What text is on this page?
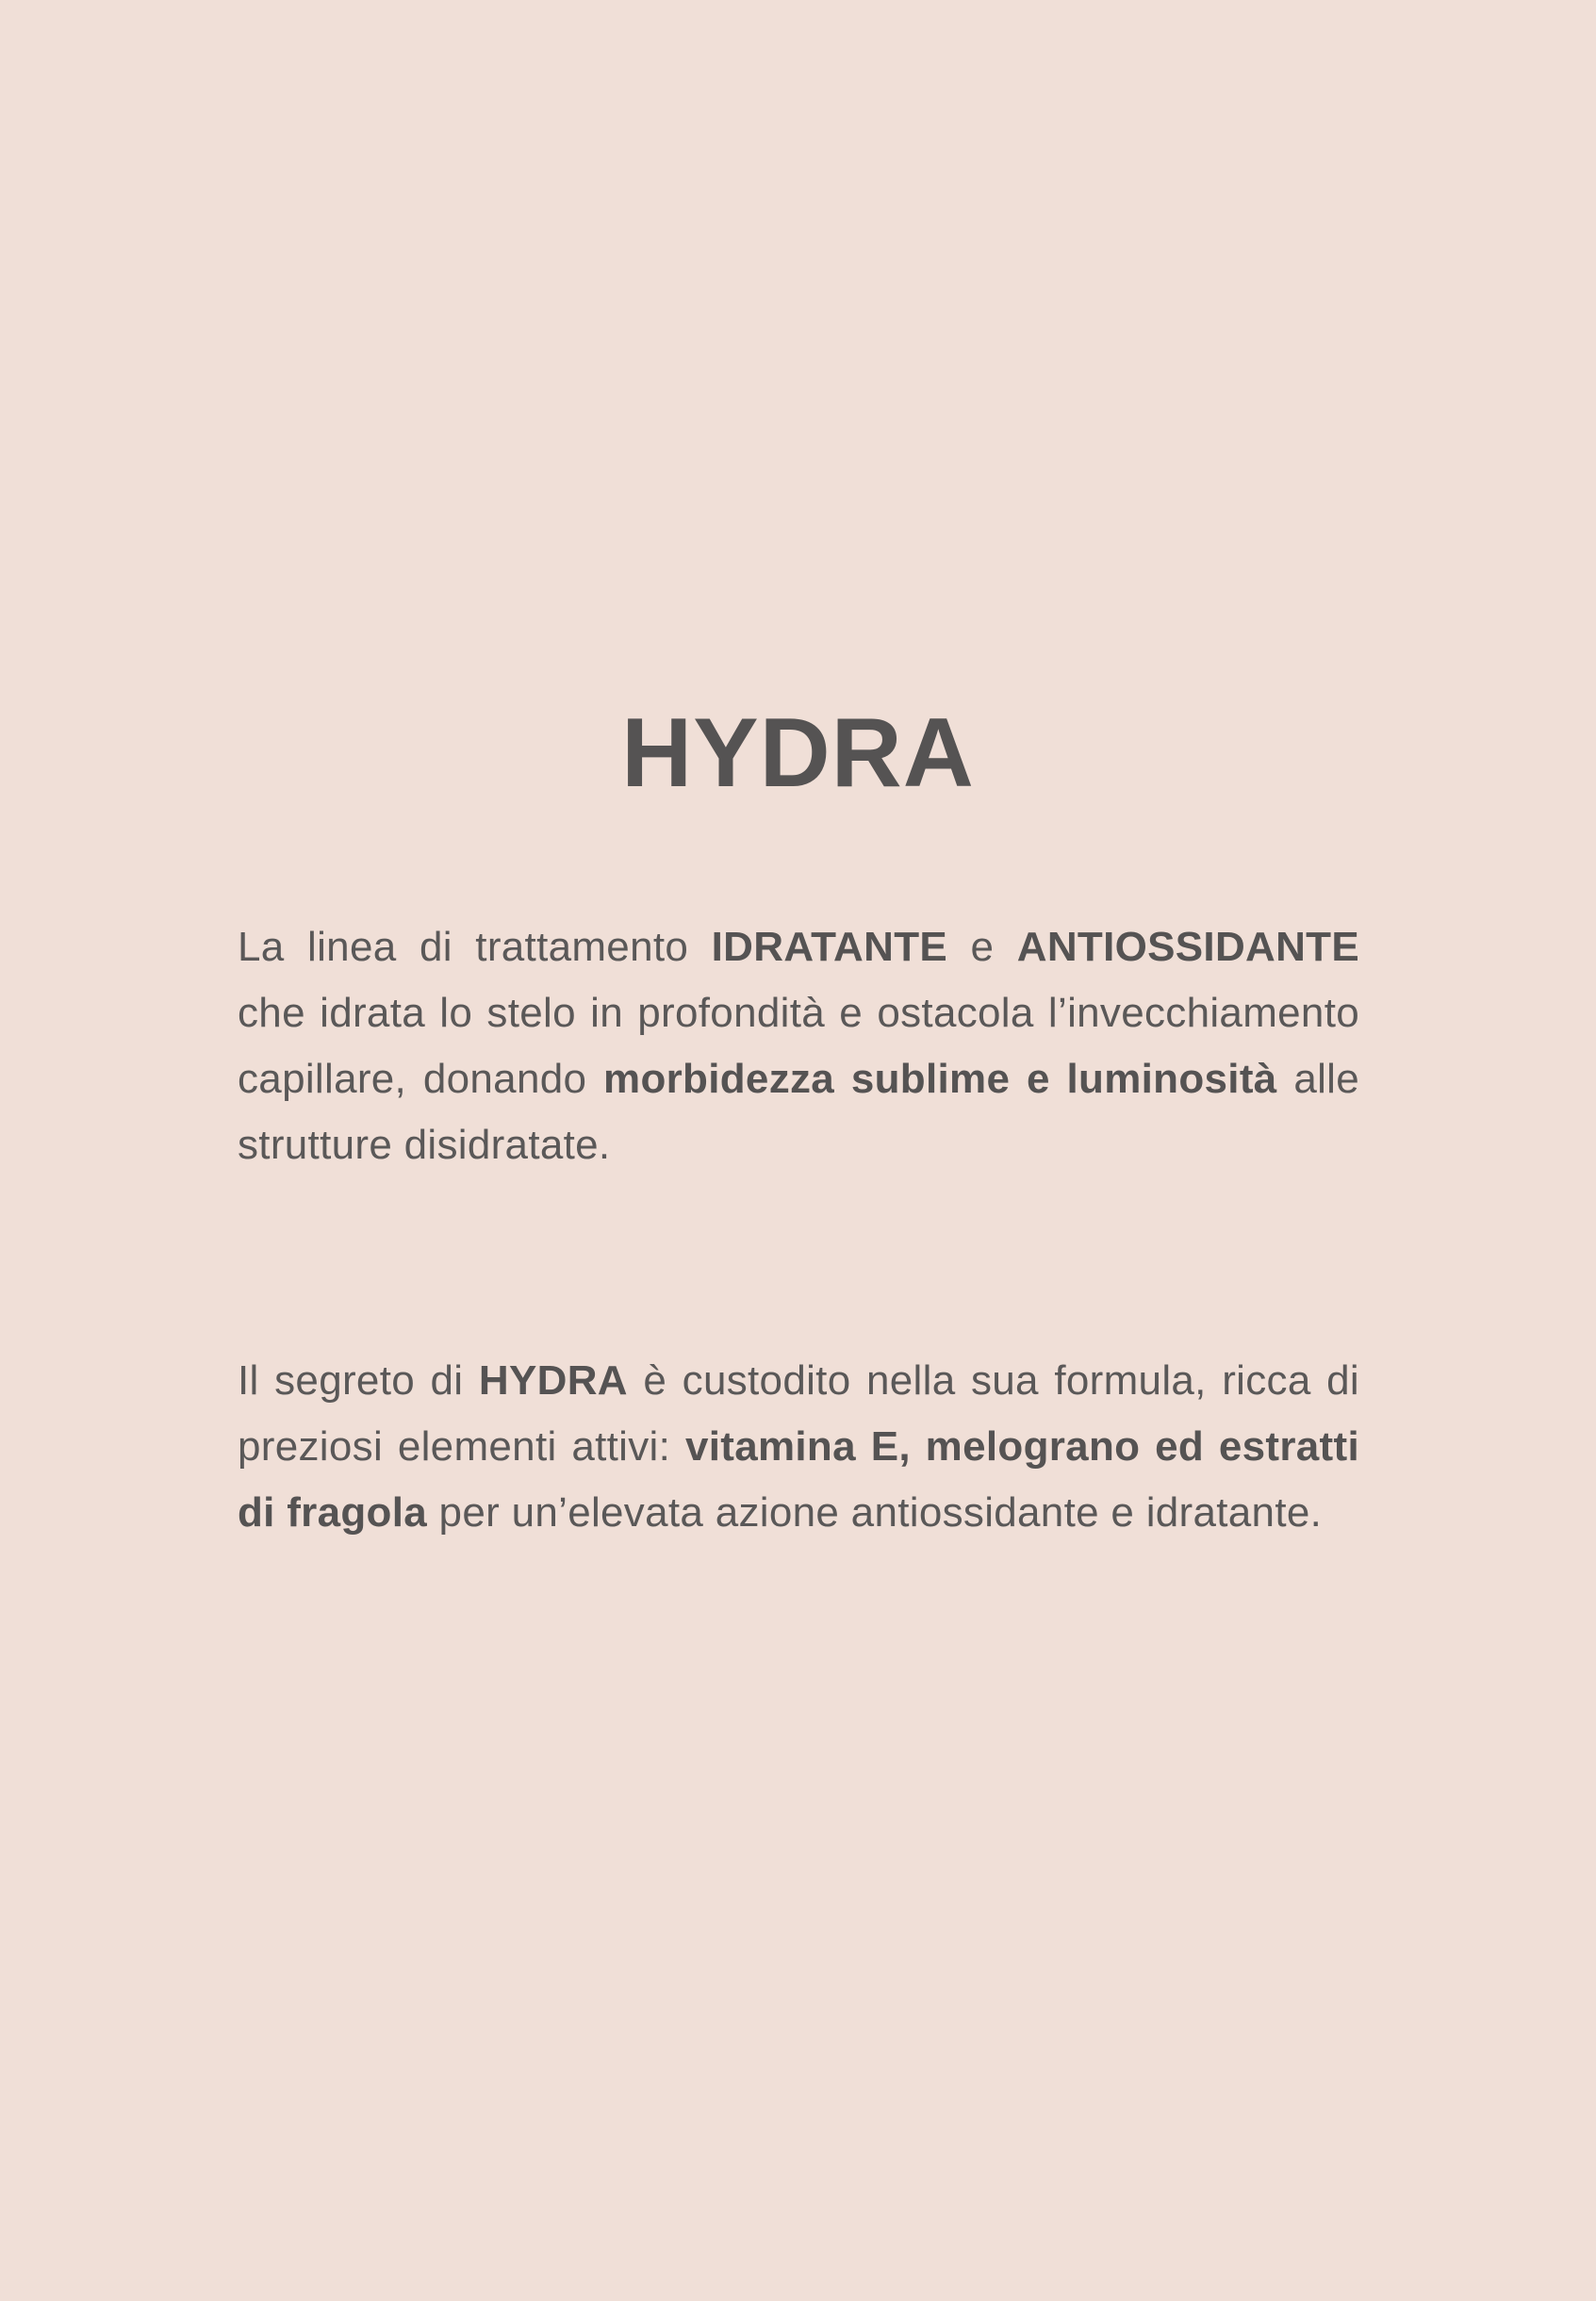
HYDRA

La linea di trattamento IDRATANTE e ANTIOSSIDANTE che idrata lo stelo in profondità e ostacola l’invecchiamento capillare, donando morbidezza sublime e luminosità alle strutture disidratate.

Il segreto di HYDRA è custodito nella sua formula, ricca di preziosi elementi attivi: vitamina E, melograno ed estratti di fragola per un’elevata azione antiossidante e idratante.
